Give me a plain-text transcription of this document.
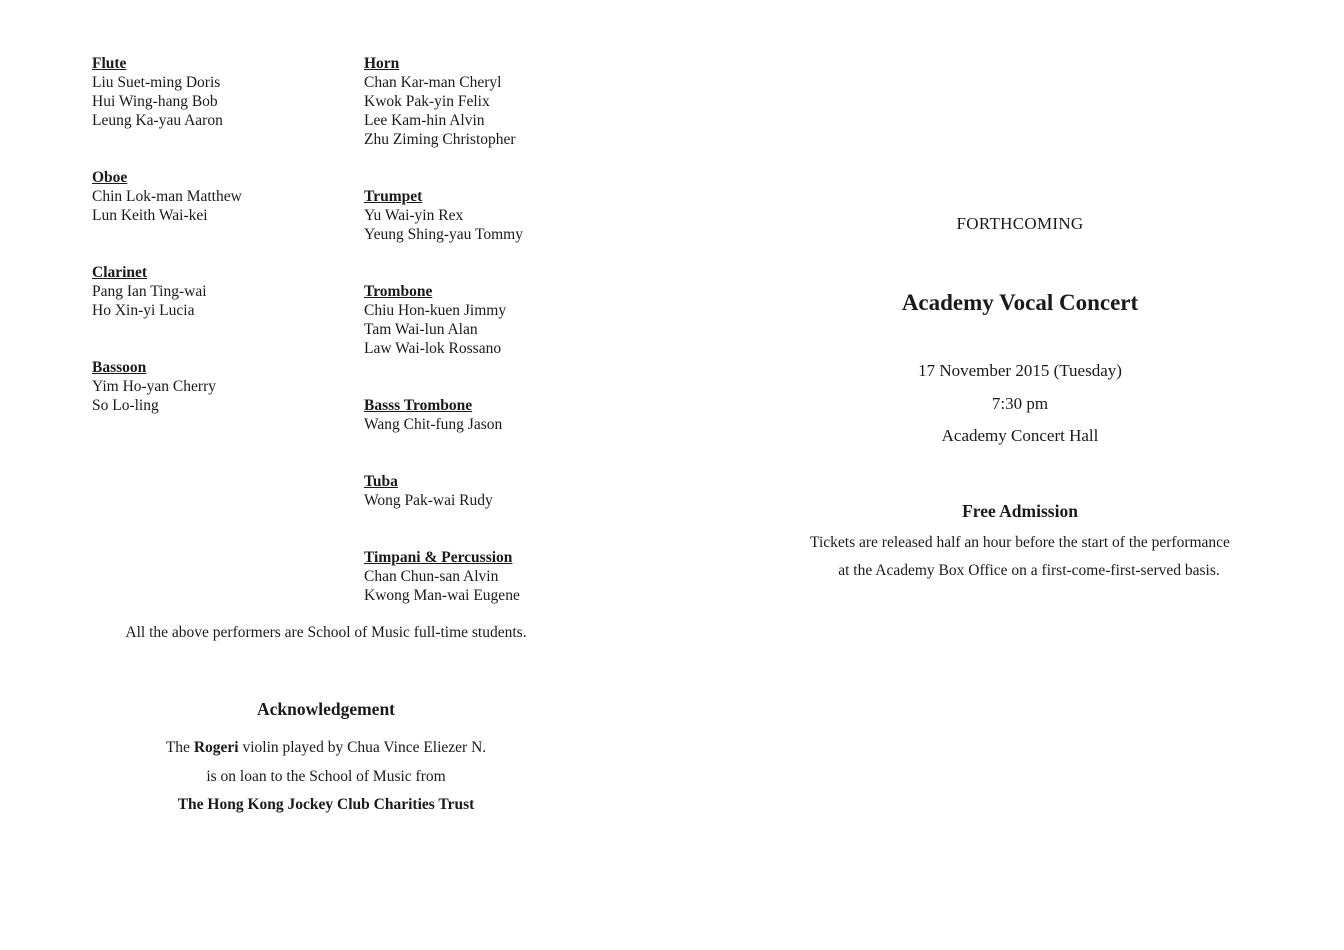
Flute
Liu Suet-ming Doris
Hui Wing-hang Bob
Leung Ka-yau Aaron
Oboe
Chin Lok-man Matthew
Lun Keith Wai-kei
Clarinet
Pang Ian Ting-wai
Ho Xin-yi Lucia
Bassoon
Yim Ho-yan Cherry
So Lo-ling
Horn
Chan Kar-man Cheryl
Kwok Pak-yin Felix
Lee Kam-hin Alvin
Zhu Ziming Christopher
Trumpet
Yu Wai-yin Rex
Yeung Shing-yau Tommy
Trombone
Chiu Hon-kuen Jimmy
Tam Wai-lun Alan
Law Wai-lok Rossano
Basss Trombone
Wang Chit-fung Jason
Tuba
Wong Pak-wai Rudy
Timpani & Percussion
Chan Chun-san Alvin
Kwong Man-wai Eugene
All the above performers are School of Music full-time students.
Acknowledgement
The Rogeri violin played by Chua Vince Eliezer N.
is on loan to the School of Music from
The Hong Kong Jockey Club Charities Trust
FORTHCOMING
Academy Vocal Concert
17 November 2015 (Tuesday)
7:30 pm
Academy Concert Hall
Free Admission
Tickets are released half an hour before the start of the performance
at the Academy Box Office on a first-come-first-served basis.
